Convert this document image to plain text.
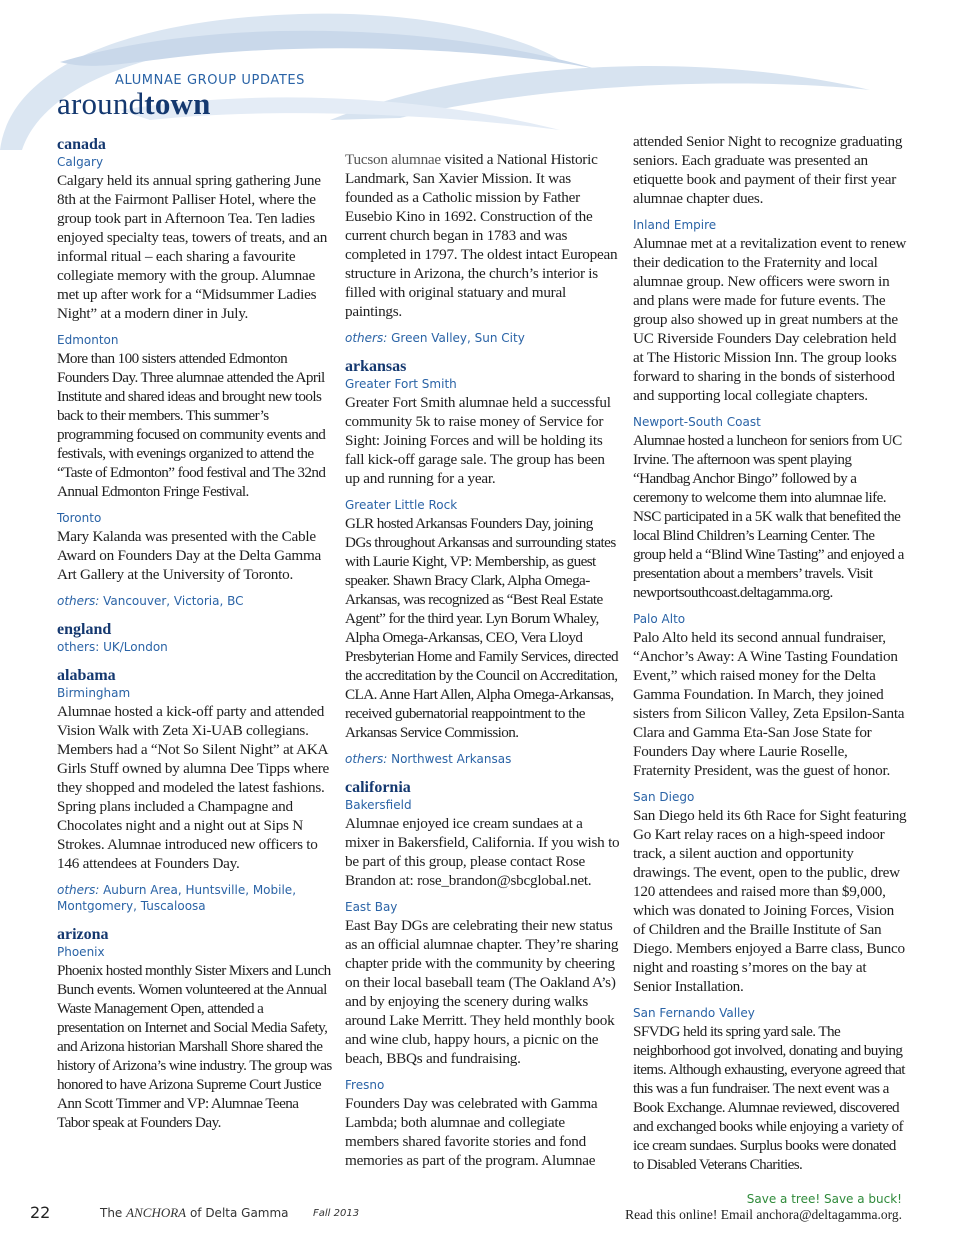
ALUMNAE GROUP UPDATES
aroundtown
canada
Calgary
Calgary held its annual spring gathering June 8th at the Fairmont Palliser Hotel, where the group took part in Afternoon Tea. Ten ladies enjoyed specialty teas, towers of treats, and an informal ritual – each sharing a favourite collegiate memory with the group. Alumnae met up after work for a “Midsummer Ladies Night” at a modern diner in July.
Edmonton
More than 100 sisters attended Edmonton Founders Day. Three alumnae attended the April Institute and shared ideas and brought new tools back to their members. This summer’s programming focused on community events and festivals, with evenings organized to attend the “Taste of Edmonton” food festival and The 32nd Annual Edmonton Fringe Festival.
Toronto
Mary Kalanda was presented with the Cable Award on Founders Day at the Delta Gamma Art Gallery at the University of Toronto.
others: Vancouver, Victoria, BC
england
others: UK/London
alabama
Birmingham
Alumnae hosted a kick-off party and attended Vision Walk with Zeta Xi-UAB collegians. Members had a “Not So Silent Night” at AKA Girls Stuff owned by alumna Dee Tipps where they shopped and modeled the latest fashions. Spring plans included a Champagne and Chocolates night and a night out at Sips N Strokes. Alumnae introduced new officers to 146 attendees at Founders Day.
others: Auburn Area, Huntsville, Mobile, Montgomery, Tuscaloosa
arizona
Phoenix
Phoenix hosted monthly Sister Mixers and Lunch Bunch events. Women volunteered at the Annual Waste Management Open, attended a presentation on Internet and Social Media Safety, and Arizona historian Marshall Shore shared the history of Arizona’s wine industry. The group was honored to have Arizona Supreme Court Justice Ann Scott Timmer and VP: Alumnae Teena Tabor speak at Founders Day.
Tucson alumnae visited a National Historic Landmark, San Xavier Mission. It was founded as a Catholic mission by Father Eusebio Kino in 1692. Construction of the current church began in 1783 and was completed in 1797. The oldest intact European structure in Arizona, the church’s interior is filled with original statuary and mural paintings.
others: Green Valley, Sun City
arkansas
Greater Fort Smith
Greater Fort Smith alumnae held a successful community 5k to raise money of Service for Sight: Joining Forces and will be holding its fall kick-off garage sale. The group has been up and running for a year.
Greater Little Rock
GLR hosted Arkansas Founders Day, joining DGs throughout Arkansas and surrounding states with Laurie Kight, VP: Membership, as guest speaker. Shawn Bracy Clark, Alpha Omega-Arkansas, was recognized as “Best Real Estate Agent” for the third year. Lyn Borum Whaley, Alpha Omega-Arkansas, CEO, Vera Lloyd Presbyterian Home and Family Services, directed the accreditation by the Council on Accreditation, CLA. Anne Hart Allen, Alpha Omega-Arkansas, received gubernatorial reappointment to the Arkansas Service Commission.
others: Northwest Arkansas
california
Bakersfield
Alumnae enjoyed ice cream sundaes at a mixer in Bakersfield, California. If you wish to be part of this group, please contact Rose Brandon at: rose_brandon@sbcglobal.net.
East Bay
East Bay DGs are celebrating their new status as an official alumnae chapter. They’re sharing chapter pride with the community by cheering on their local baseball team (The Oakland A’s) and by enjoying the scenery during walks around Lake Merritt. They held monthly book and wine club, happy hours, a picnic on the beach, BBQs and fundraising.
Fresno
Founders Day was celebrated with Gamma Lambda; both alumnae and collegiate members shared favorite stories and fond memories as part of the program. Alumnae
attended Senior Night to recognize graduating seniors. Each graduate was presented an etiquette book and payment of their first year alumnae chapter dues.
Inland Empire
Alumnae met at a revitalization event to renew their dedication to the Fraternity and local alumnae group. New officers were sworn in and plans were made for future events. The group also showed up in great numbers at the UC Riverside Founders Day celebration held at The Historic Mission Inn. The group looks forward to sharing in the bonds of sisterhood and supporting local collegiate chapters.
Newport-South Coast
Alumnae hosted a luncheon for seniors from UC Irvine. The afternoon was spent playing “Handbag Anchor Bingo” followed by a ceremony to welcome them into alumnae life. NSC participated in a 5K walk that benefited the local Blind Children’s Learning Center. The group held a “Blind Wine Tasting” and enjoyed a presentation about a members’ travels. Visit newportsouthcoast.deltagamma.org.
Palo Alto
Palo Alto held its second annual fundraiser, “Anchor’s Away: A Wine Tasting Foundation Event,” which raised money for the Delta Gamma Foundation. In March, they joined sisters from Silicon Valley, Zeta Epsilon-Santa Clara and Gamma Eta-San Jose State for Founders Day where Laurie Roselle, Fraternity President, was the guest of honor.
San Diego
San Diego held its 6th Race for Sight featuring Go Kart relay races on a high-speed indoor track, a silent auction and opportunity drawings. The event, open to the public, drew 120 attendees and raised more than $9,000, which was donated to Joining Forces, Vision of Children and the Braille Institute of San Diego. Members enjoyed a Barre class, Bunco night and roasting s’mores on the bay at Senior Installation.
San Fernando Valley
SFVDG held its spring yard sale. The neighborhood got involved, donating and buying items. Although exhausting, everyone agreed that this was a fun fundraiser. The next event was a Book Exchange. Alumnae reviewed, discovered and exchanged books while enjoying a variety of ice cream sundaes. Surplus books were donated to Disabled Veterans Charities.
22	The ANCHORA of Delta Gamma Fall 2013
Save a tree! Save a buck!
Read this online! Email anchora@deltagamma.org.
